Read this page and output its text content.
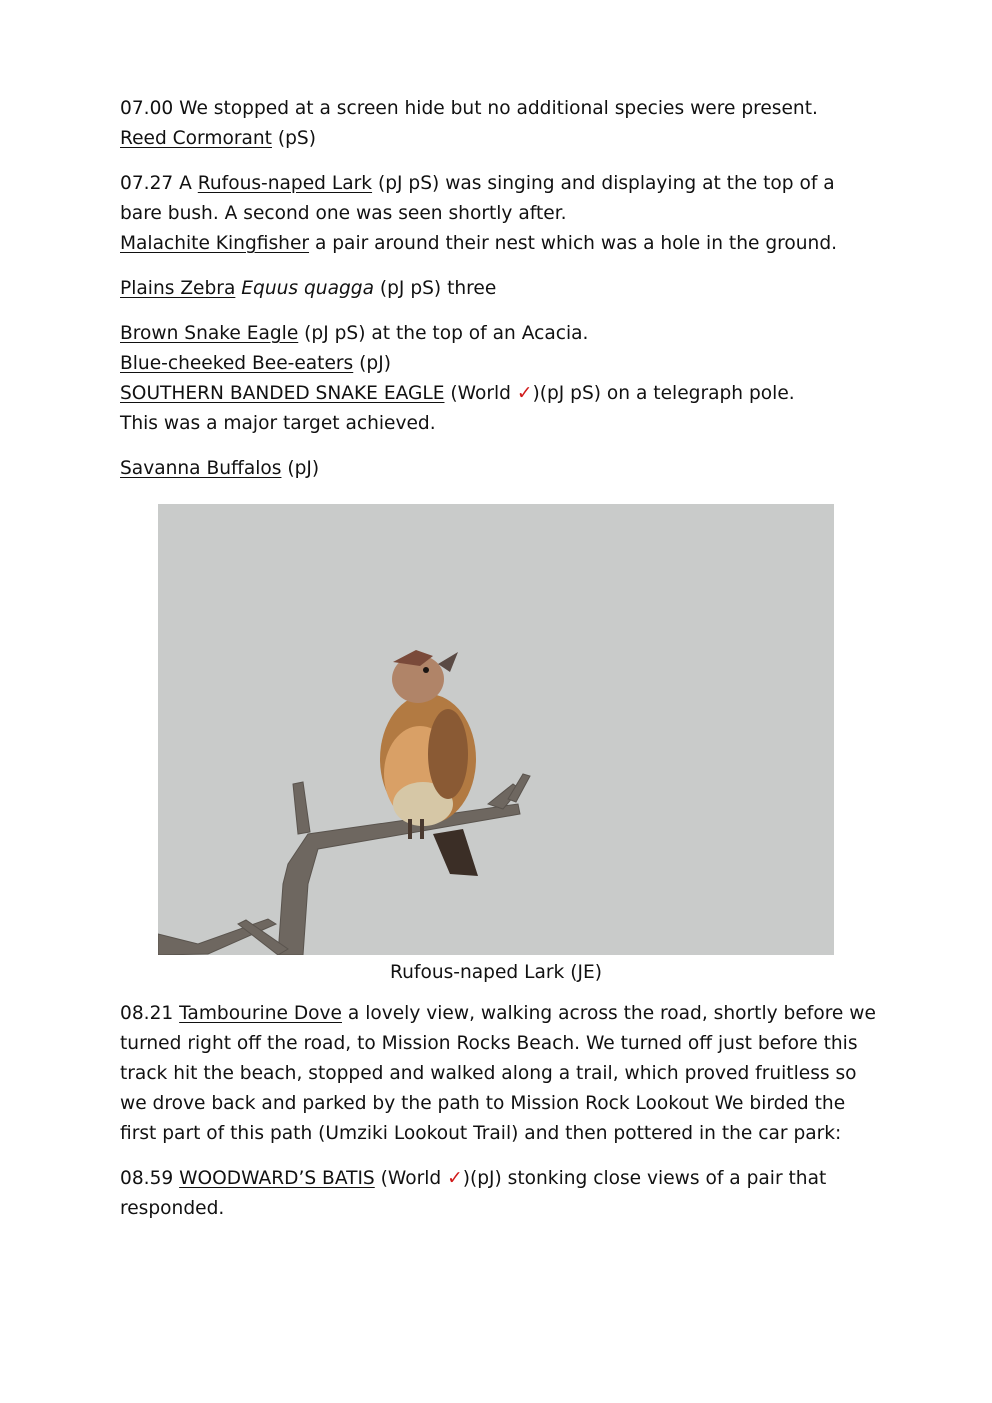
07.00 We stopped at a screen hide but no additional species were present.

Reed Cormorant (pS)

07.27 A Rufous-naped Lark (pJ pS) was singing and displaying at the top of a bare bush. A second one was seen shortly after.

Malachite Kingfisher a pair around their nest which was a hole in the ground.

Plains Zebra Equus quagga (pJ pS) three

Brown Snake Eagle (pJ pS) at the top of an Acacia.

Blue-cheeked Bee-eaters (pJ)

SOUTHERN BANDED SNAKE EAGLE (World ✓)(pJ pS) on a telegraph pole.

This was a major target achieved.

Savanna Buffalos (pJ)

Rufous-naped Lark (JE)

08.21 Tambourine Dove a lovely view, walking across the road, shortly before we turned right off the road, to Mission Rocks Beach. We turned off just before this track hit the beach, stopped and walked along a trail, which proved fruitless so we drove back and parked by the path to Mission Rock Lookout We birded the first part of this path (Umziki Lookout Trail) and then pottered in the car park:

08.59 WOODWARD’S BATIS (World ✓)(pJ) stonking close views of a pair that responded.
